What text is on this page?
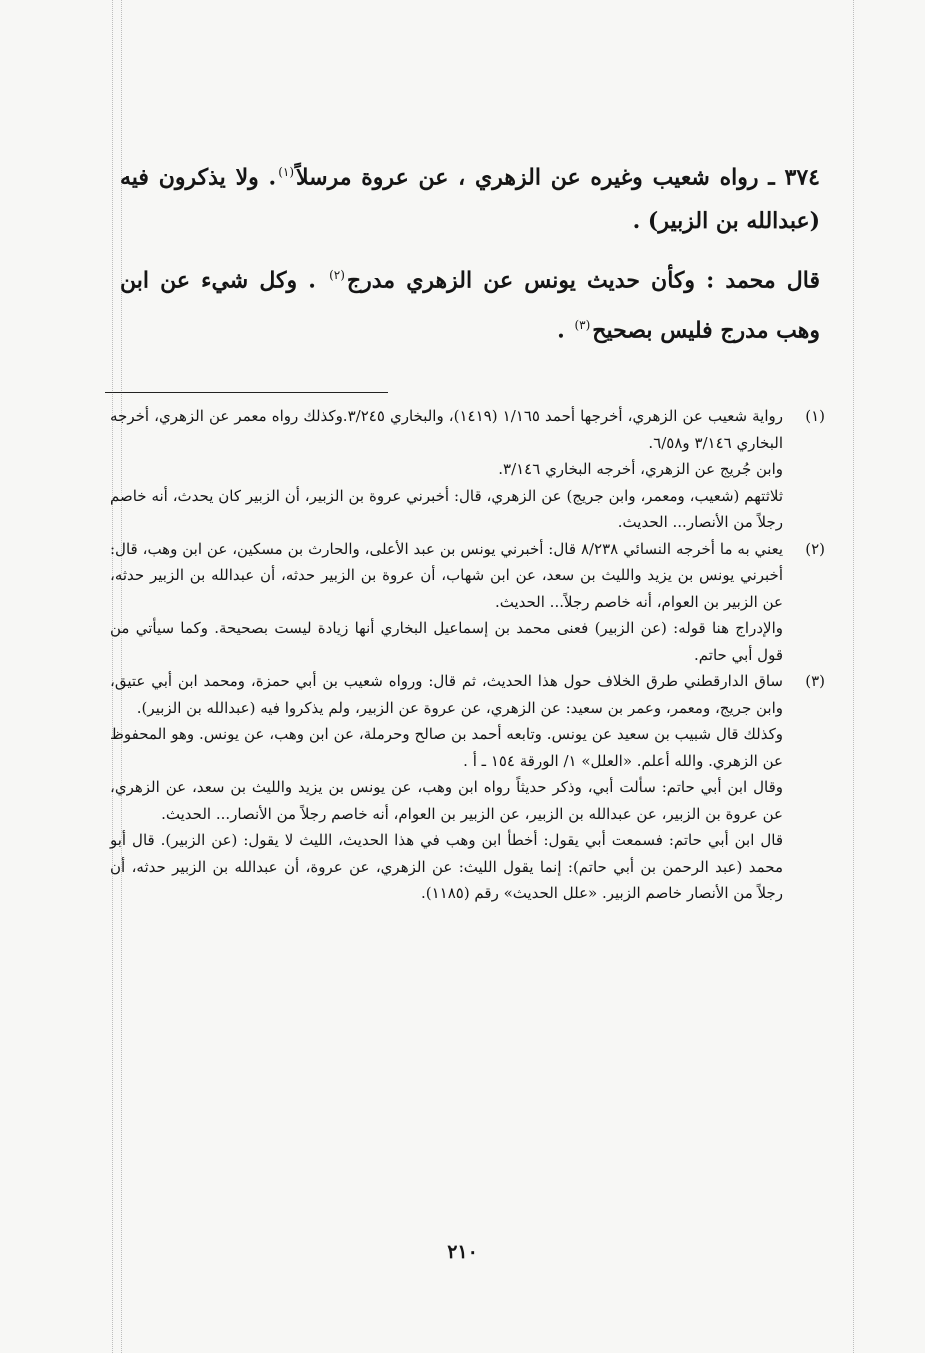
٣٧٤ ـ رواه شعيب وغيره عن الزهري ، عن عروة مرسلاً$^{(١)}$. ولا يذكرون فيه (عبدالله بن الزبير) .

قال محمد : وكأن حديث يونس عن الزهري مدرج$^{(٢)}$ . وكل شيء عن ابن وهب مدرج فليس بصحيح$^{(٣)}$ .

(١)

رواية شعيب عن الزهري، أخرجها أحمد ١/١٦٥ (١٤١٩)، والبخاري ٣/٢٤٥.وكذلك رواه معمر عن الزهري، أخرجه البخاري ٣/١٤٦ و٦/٥٨.

وابن جُريج عن الزهري، أخرجه البخاري ٣/١٤٦.

ثلاثتهم (شعيب، ومعمر، وابن جريج) عن الزهري، قال: أخبرني عروة بن الزبير، أن الزبير كان يحدث، أنه خاصم رجلاً من الأنصار... الحديث.

(٢)

يعني به ما أخرجه النسائي ٨/٢٣٨ قال: أخبرني يونس بن عبد الأعلى، والحارث بن مسكين، عن ابن وهب، قال: أخبرني يونس بن يزيد والليث بن سعد، عن ابن شهاب، أن عروة بن الزبير حدثه، أن عبدالله بن الزبير حدثه، عن الزبير بن العوام، أنه خاصم رجلاً... الحديث.

والإدراج هنا قوله: (عن الزبير) فعنى محمد بن إسماعيل البخاري أنها زيادة ليست بصحيحة. وكما سيأتي من قول أبي حاتم.

(٣)

ساق الدارقطني طرق الخلاف حول هذا الحديث، ثم قال: ورواه شعيب بن أبي حمزة، ومحمد ابن أبي عتيق، وابن جريج، ومعمر، وعمر بن سعيد: عن الزهري، عن عروة عن الزبير، ولم يذكروا فيه (عبدالله بن الزبير).

وكذلك قال شبيب بن سعيد عن يونس. وتابعه أحمد بن صالح وحرملة، عن ابن وهب، عن يونس. وهو المحفوظ عن الزهري. والله أعلم. «العلل» ١/ الورقة ١٥٤ ـ أ .

وقال ابن أبي حاتم: سألت أبي، وذكر حديثاً رواه ابن وهب، عن يونس بن يزيد والليث بن سعد، عن الزهري، عن عروة بن الزبير، عن عبدالله بن الزبير، عن الزبير بن العوام، أنه خاصم رجلاً من الأنصار... الحديث.

قال ابن أبي حاتم: فسمعت أبي يقول: أخطأ ابن وهب في هذا الحديث، الليث لا يقول: (عن الزبير). قال أبو محمد (عبد الرحمن بن أبي حاتم): إنما يقول الليث: عن الزهري، عن عروة، أن عبدالله بن الزبير حدثه، أن رجلاً من الأنصار خاصم الزبير. «علل الحديث» رقم (١١٨٥).

٢١٠
